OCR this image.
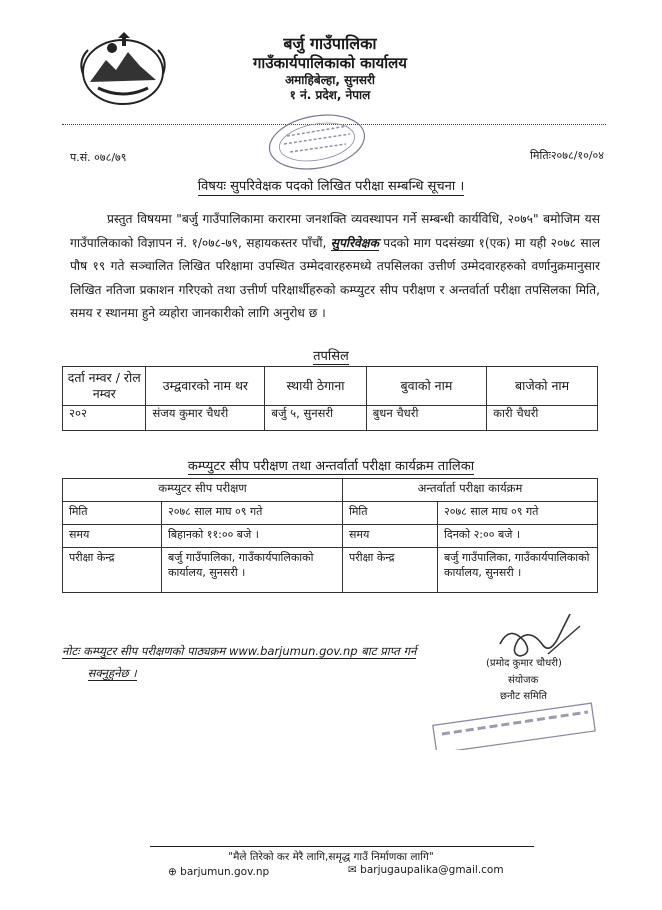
बर्जु गाउँपालिका
गाउँकार्यपालिकाको कार्यालय
अमाहिबेल्हा, सुनसरी
१ नं. प्रदेश, नेपाल
प.सं. ०७८/७९	मितिः२०७८/१०/०४
विषयः सुपरिवेक्षक पदको लिखित परीक्षा सम्बन्धि सूचना ।
प्रस्तुत विषयमा "बर्जु गाउँपालिकामा करारमा जनशक्ति व्यवस्थापन गर्ने सम्बन्धी कार्यविधि, २०७५" बमोजिम यस गाउँपालिकाको विज्ञापन नं. १/०७८-७९, सहायकस्तर पाँचौं, सुपरिवेक्षक पदको माग पदसंख्या १(एक) मा यही २०७८ साल पौष १९ गते सञ्चालित लिखित परिक्षामा उपस्थित उम्मेदवारहरुमध्ये तपसिलका उत्तीर्ण उम्मेदवारहरुको वर्णानुक्रमानुसार लिखित नतिजा प्रकाशन गरिएको तथा उत्तीर्ण परिक्षार्थीहरुको कम्प्युटर सीप परीक्षण र अन्तर्वार्ता परीक्षा तपसिलका मिति, समय र स्थानमा हुने व्यहोरा जानकारीको लागि अनुरोध छ ।
तपसिल
दर्ता नम्वर / रोल नम्वर	उम्द्ववारको नाम थर	स्थायी ठेगाना	बुवाको नाम	बाजेको नाम
२०२	संजय कुमार चैधरी	बर्जु ५, सुनसरी	बुधन चैधरी	कारी चैधरी
कम्प्युटर सीप परीक्षण तथा अन्तर्वार्ता परीक्षा कार्यक्रम तालिका
कम्प्युटर सीप परीक्षण		अन्तर्वार्ता परीक्षा कार्यक्रम	
मिति	२०७८ साल माघ ०९ गते	मिति	२०७८ साल माघ ०९ गते
समय	बिहानको ११:०० बजे ।	समय	दिनको २:०० बजे ।
परीक्षा केन्द्र	बर्जु गाउँपालिका, गाउँकार्यपालिकाको कार्यालय, सुनसरी ।	परीक्षा केन्द्र	बर्जु गाउँपालिका, गाउँकार्यपालिकाको कार्यालय, सुनसरी ।
नोटः कम्प्युटर सीप परीक्षणको पाठ्यक्रम www.barjumun.gov.np बाट प्राप्त गर्न
सक्नुहुनेछ ।
(प्रमोद कुमार चौधरी)
संयोजक
छनौट समिति
"मैले तिरेको कर मेरै लागि,समृद्ध गाउँ निर्माणका लागि"
⊕ barjumun.gov.np	✉ barjugaupalika@gmail.com
